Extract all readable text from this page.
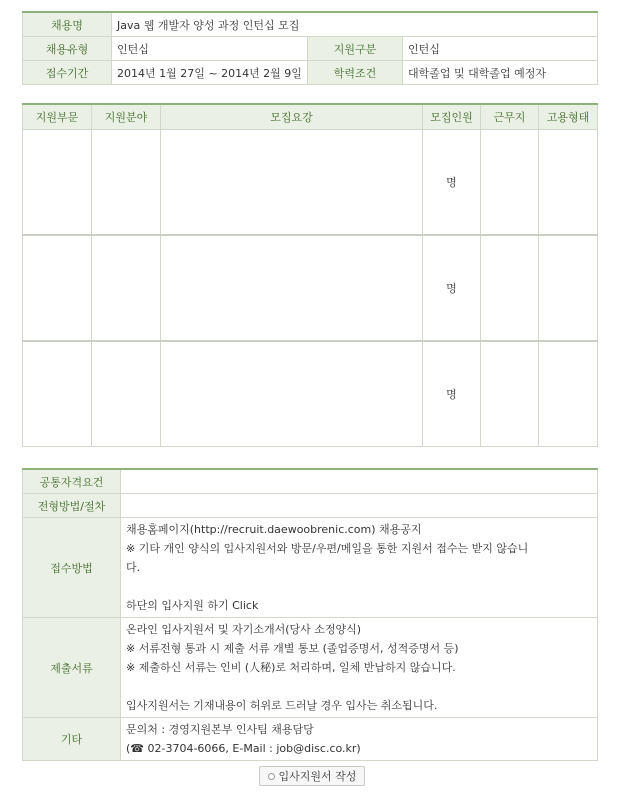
채용명	Java 웹 개발자 양성 과정 인턴십 모집		
채용유형	인턴십	지원구분	인턴십
접수기간	2014년 1월 27일 ~ 2014년 2월 9일	학력조건	대학졸업 및 대학졸업 예정자
지원부문	지원분야	모집요강	모집인원	근무지	고용형태
			명		
			명		
			명		
공통자격요건	
전형방법/절차	
접수방법	채용홈페이지(http://recruit.daewoobrenic.com) 채용공지
※ 기타 개인 양식의 입사지원서와 방문/우편/메일을 통한 지원서 접수는 받지 않습니
다.
하단의 입사지원 하기 Click

제출서류	온라인 입사지원서 및 자기소개서(당사 소정양식)
※ 서류전형 통과 시 제출 서류 개별 통보 (졸업증명서, 성적증명서 등)
※ 제출하신 서류는 인비 (人秘)로 처리하며, 일체 반납하지 않습니다.
입사지원서는 기재내용이 허위로 드러날 경우 입사는 취소됩니다.

기타	문의처 : 경영지원본부 인사팀 채용담당
(☎ 02-3704-6066, E-Mail : job@disc.co.kr)
입사지원서 작성
